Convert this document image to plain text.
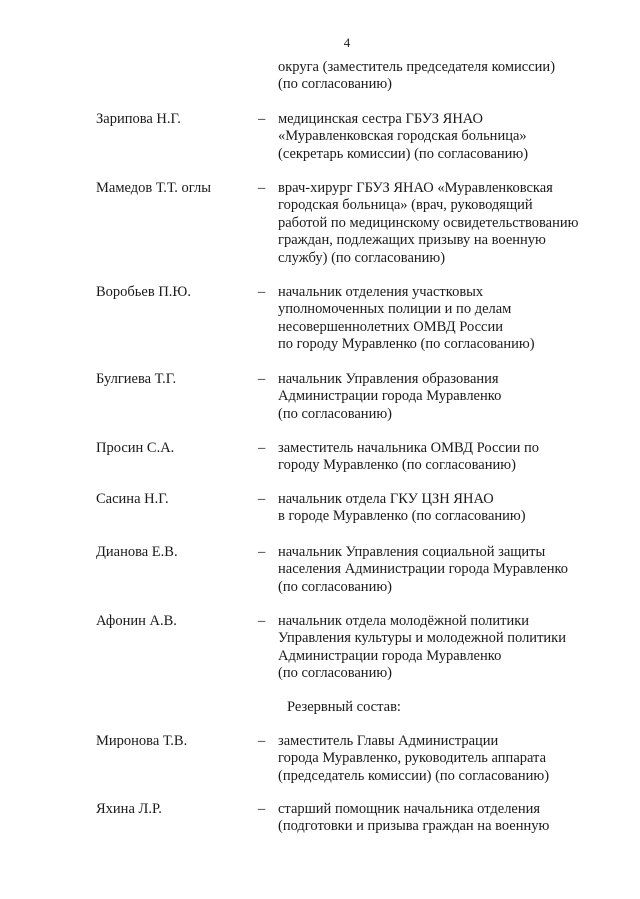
4
округа (заместитель председателя комиссии)
(по согласованию)
Зарипова Н.Г.	– медицинская сестра ГБУЗ ЯНАО
«Муравленковская городская больница»
(секретарь комиссии) (по согласованию)
Мамедов Т.Т. оглы	– врач-хирург ГБУЗ ЯНАО «Муравленковская
городская больница» (врач, руководящий
работой по медицинскому освидетельствованию
граждан, подлежащих призыву на военную
службу) (по согласованию)
Воробьев П.Ю.	– начальник отделения участковых
уполномоченных полиции и по делам
несовершеннолетних ОМВД России
по городу Муравленко (по согласованию)
Булгиева Т.Г.	– начальник Управления образования
Администрации города Муравленко
(по согласованию)
Просин С.А.	– заместитель начальника ОМВД России по
городу Муравленко (по согласованию)
Сасина Н.Г.	– начальник отдела ГКУ ЦЗН ЯНАО
в городе Муравленко (по согласованию)
Дианова Е.В.	– начальник Управления социальной защиты
населения Администрации города Муравленко
(по согласованию)
Афонин А.В.	– начальник отдела молодёжной политики
Управления культуры и молодежной политики
Администрации города Муравленко
(по согласованию)
Резервный состав:
Миронова Т.В.	– заместитель Главы Администрации
города Муравленко, руководитель аппарата
(председатель комиссии) (по согласованию)
Яхина Л.Р.	– старший помощник начальника отделения
(подготовки и призыва граждан на военную
